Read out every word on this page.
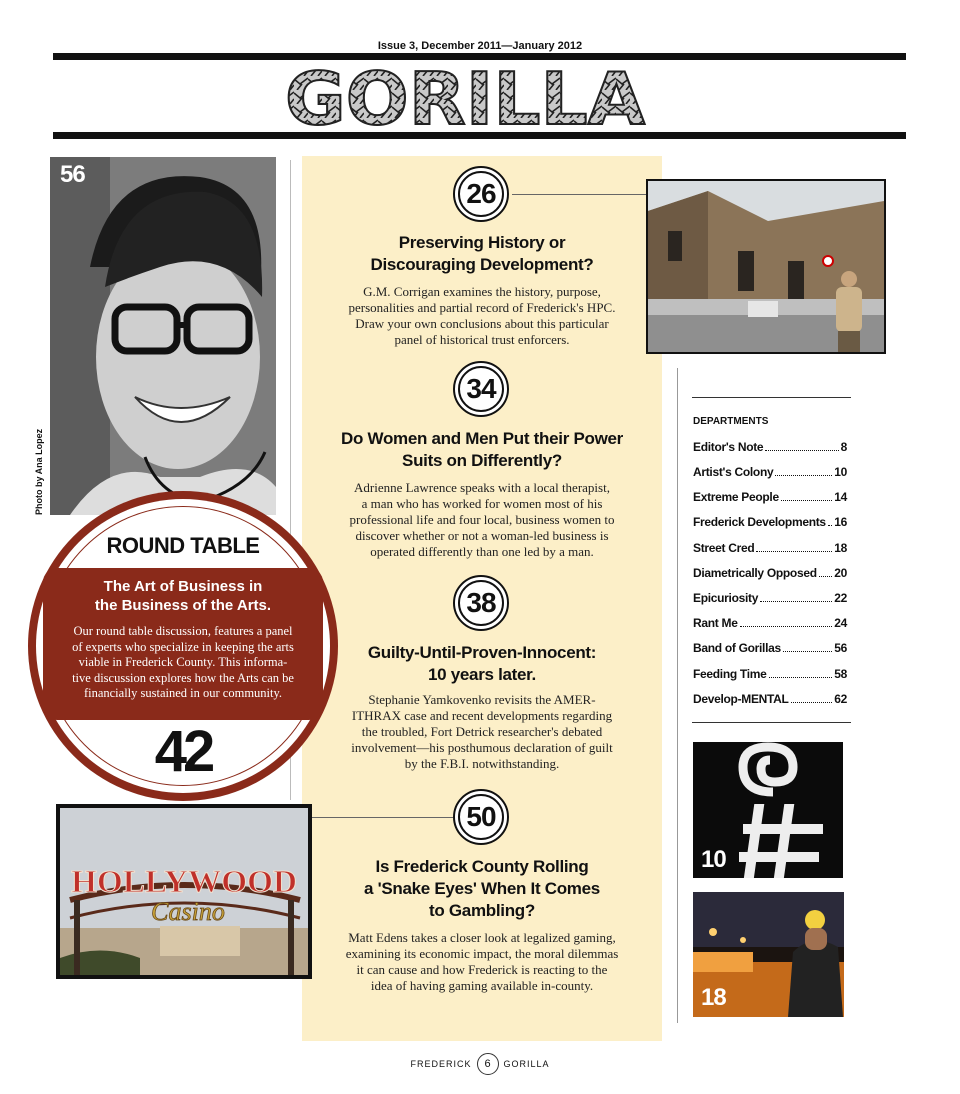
Issue 3, December 2011—January 2012
GORILLA
56
Photo by Ana Lopez
26
Preserving History or
Discouraging Development?
G.M. Corrigan examines the history, purpose,
personalities and partial record of Frederick's HPC.
Draw your own conclusions about this particular
panel of historical trust enforcers.
34
Do Women and Men Put their Power
Suits on Differently?
Adrienne Lawrence speaks with a local therapist,
a man who has worked for women most of his
professional life and four local, business women to
discover whether or not a woman-led business is
operated differently than one led by a man.
38
Guilty-Until-Proven-Innocent:
10 years later.
Stephanie Yamkovenko revisits the AMER-
ITHRAX case and recent developments regarding
the troubled, Fort Detrick researcher's debated
involvement—his posthumous declaration of guilt
by the F.B.I. notwithstanding.
50
Is Frederick County Rolling
a 'Snake Eyes' When It Comes
to Gambling?
Matt Edens takes a closer look at legalized gaming,
examining its economic impact, the moral dilemmas
it can cause and how Frederick is reacting to the
idea of having gaming available in-county.
ROUND TABLE
The Art of Business in
the Business of the Arts.
Our round table discussion, features a panel
of experts who specialize in keeping the arts
viable in Frederick County. This informa-
tive discussion explores how the Arts can be
financially sustained in our community.
42
HOLLYWOOD
Casino
DEPARTMENTS
Editor's Note	8
Artist's Colony	10
Extreme People	14
Frederick Developments 16
Street Cred	18
Diametrically Opposed 20
Epicuriosity	22
Rant Me	24
Band of Gorillas	56
Feeding Time	58
Develop-MENTAL	62
10
18
FREDERICK	6	GORILLA
